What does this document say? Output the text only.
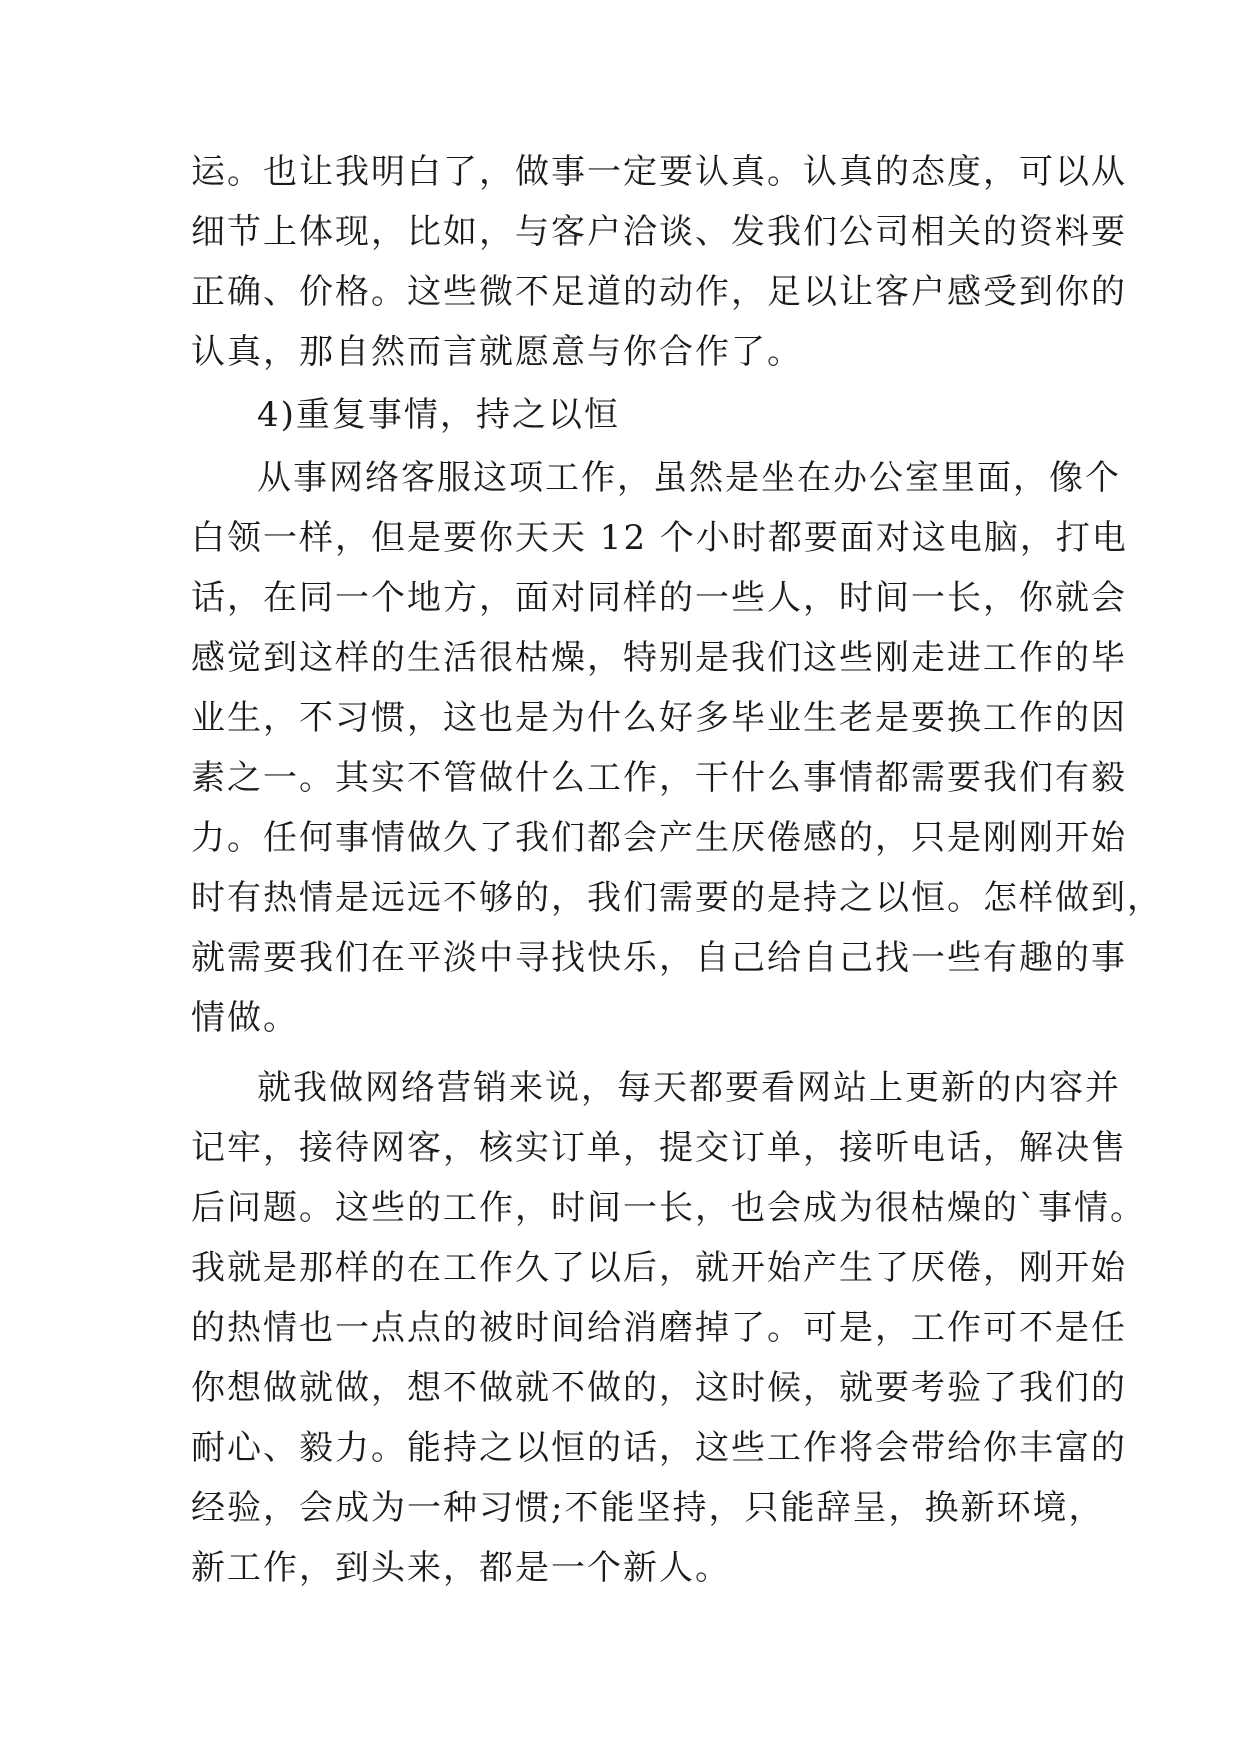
运。也让我明白了，做事一定要认真。认真的态度，可以从
细节上体现，比如，与客户洽谈、发我们公司相关的资料要
正确、价格。这些微不足道的动作，足以让客户感受到你的
认真，那自然而言就愿意与你合作了。
4)重复事情，持之以恒
从事网络客服这项工作，虽然是坐在办公室里面，像个
白领一样，但是要你天天 12 个小时都要面对这电脑，打电
话，在同一个地方，面对同样的一些人，时间一长，你就会
感觉到这样的生活很枯燥，特别是我们这些刚走进工作的毕
业生，不习惯，这也是为什么好多毕业生老是要换工作的因
素之一。其实不管做什么工作，干什么事情都需要我们有毅
力。任何事情做久了我们都会产生厌倦感的，只是刚刚开始
时有热情是远远不够的，我们需要的是持之以恒。怎样做到，
就需要我们在平淡中寻找快乐，自己给自己找一些有趣的事
情做。
就我做网络营销来说，每天都要看网站上更新的内容并
记牢，接待网客，核实订单，提交订单，接听电话，解决售
后问题。这些的工作，时间一长，也会成为很枯燥的`事情。
我就是那样的在工作久了以后，就开始产生了厌倦，刚开始
的热情也一点点的被时间给消磨掉了。可是，工作可不是任
你想做就做，想不做就不做的，这时候，就要考验了我们的
耐心、毅力。能持之以恒的话，这些工作将会带给你丰富的
经验，会成为一种习惯;不能坚持，只能辞呈，换新环境，
新工作，到头来，都是一个新人。
